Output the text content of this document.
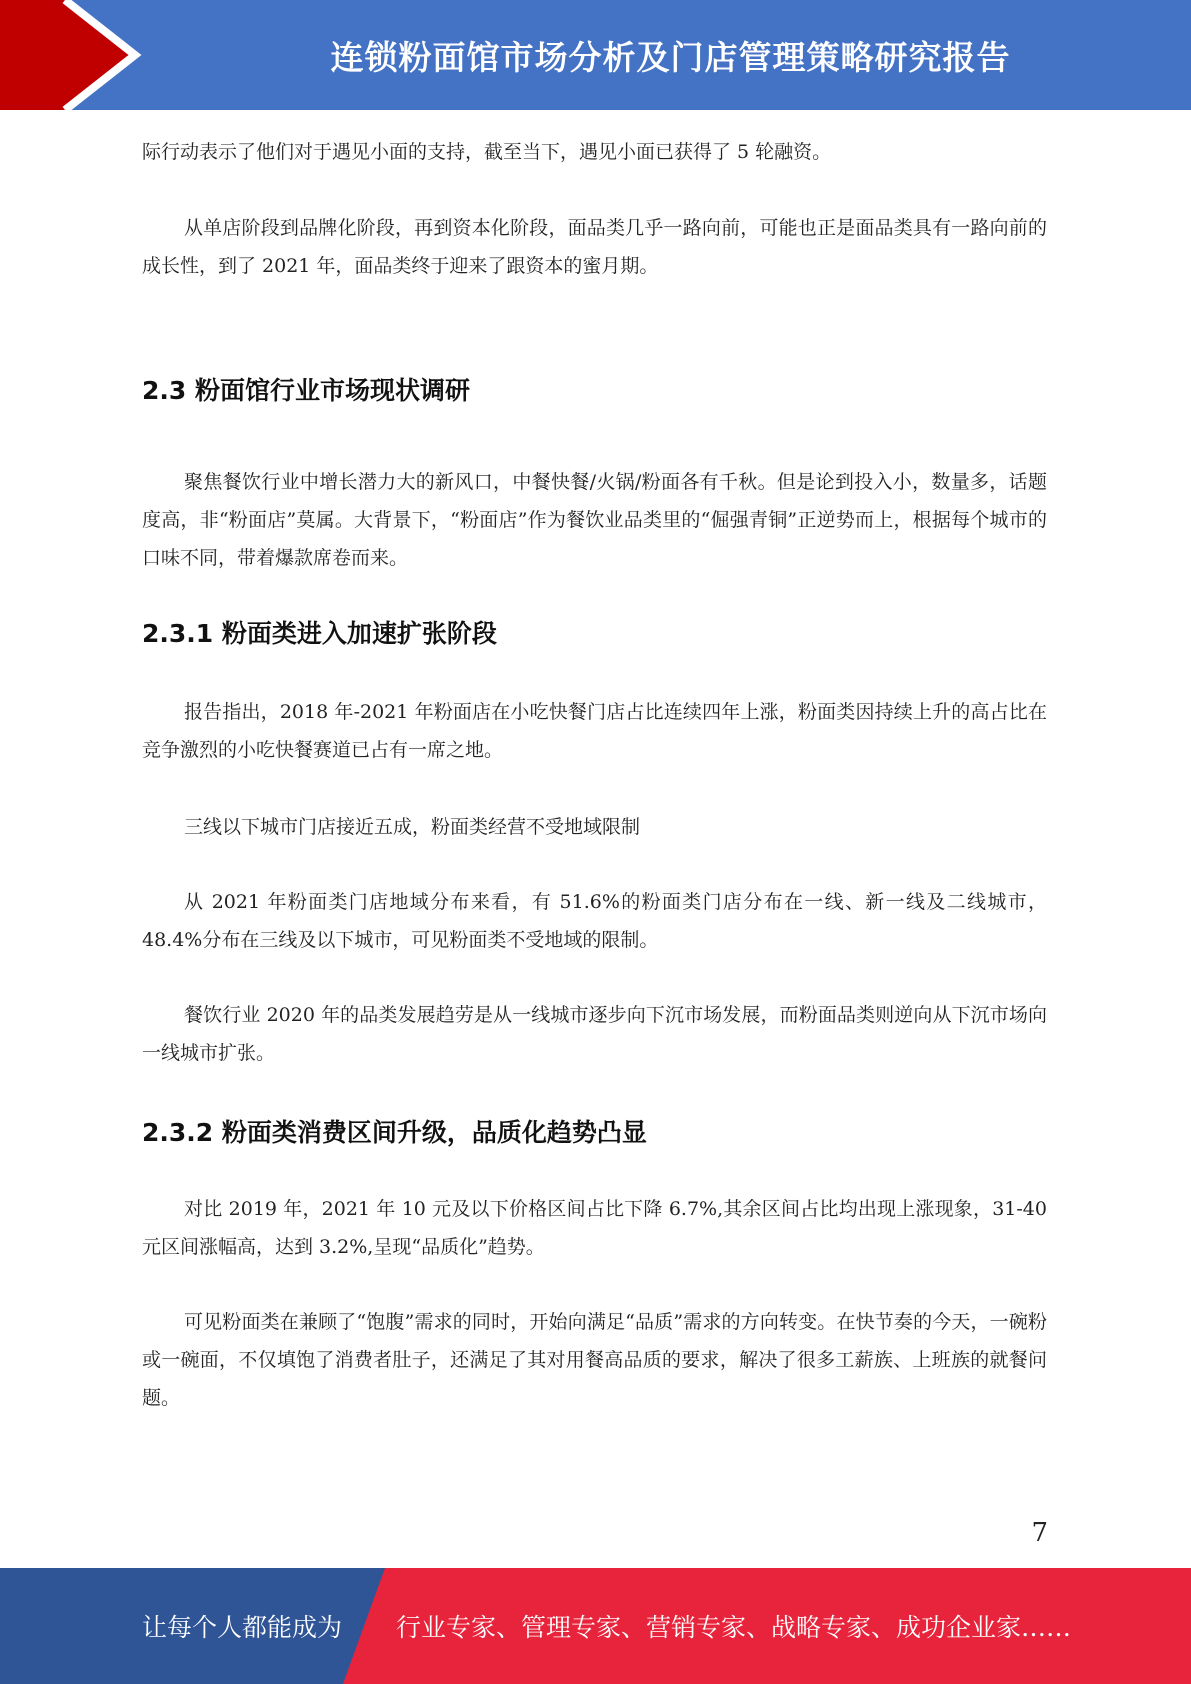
连锁粉面馆市场分析及门店管理策略研究报告
际行动表示了他们对于遇见小面的支持，截至当下，遇见小面已获得了 5 轮融资。
从单店阶段到品牌化阶段，再到资本化阶段，面品类几乎一路向前，可能也正是面品类具有一路向前的成长性，到了 2021 年，面品类终于迎来了跟资本的蜜月期。
2.3 粉面馆行业市场现状调研
聚焦餐饮行业中增长潜力大的新风口，中餐快餐/火锅/粉面各有千秋。但是论到投入小，数量多，话题度高，非“粉面店”莫属。大背景下，“粉面店”作为餐饮业品类里的“倔强青铜”正逆势而上，根据每个城市的口味不同，带着爆款席卷而来。
2.3.1 粉面类进入加速扩张阶段
报告指出，2018 年-2021 年粉面店在小吃快餐门店占比连续四年上涨，粉面类因持续上升的高占比在竞争激烈的小吃快餐赛道已占有一席之地。
三线以下城市门店接近五成，粉面类经营不受地域限制
从 2021 年粉面类门店地域分布来看，有 51.6%的粉面类门店分布在一线、新一线及二线城市，48.4%分布在三线及以下城市，可见粉面类不受地域的限制。
餐饮行业 2020 年的品类发展趋劳是从一线城市逐步向下沉市场发展，而粉面品类则逆向从下沉市场向一线城市扩张。
2.3.2 粉面类消费区间升级，品质化趋势凸显
对比 2019 年，2021 年 10 元及以下价格区间占比下降 6.7%,其余区间占比均出现上涨现象，31-40 元区间涨幅高，达到 3.2%,呈现“品质化”趋势。
可见粉面类在兼顾了“饱腹”需求的同时，开始向满足“品质”需求的方向转变。在快节奏的今天，一碗粉或一碗面，不仅填饱了消费者肚子，还满足了其对用餐高品质的要求，解决了很多工薪族、上班族的就餐问题。
7
让每个人都能成为 行业专家、管理专家、营销专家、战略专家、成功企业家……
